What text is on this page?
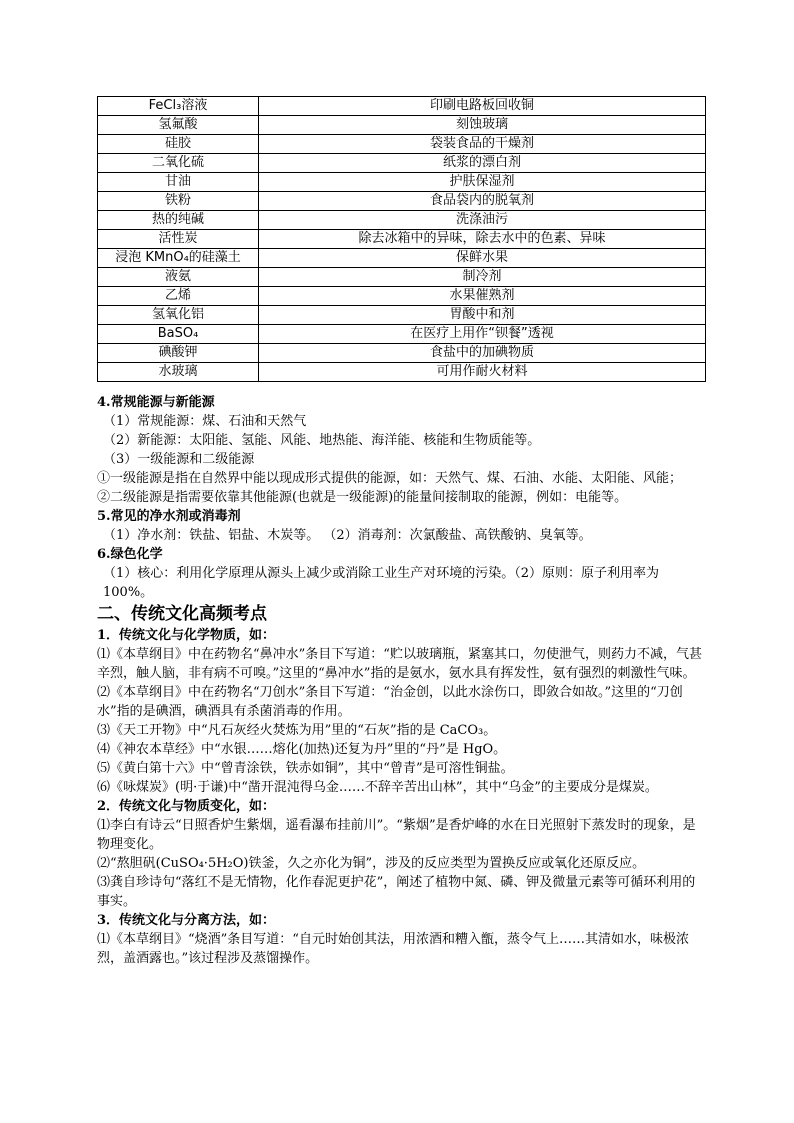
FeCl₃溶液	印刷电路板回收铜
氢氟酸	刻蚀玻璃
硅胶	袋装食品的干燥剂
二氧化硫	纸浆的漂白剂
甘油	护肤保湿剂
铁粉	食品袋内的脱氧剂
热的纯碱	洗涤油污
活性炭	除去冰箱中的异味，除去水中的色素、异味
浸泡 KMnO₄的硅藻土	保鲜水果
液氨	制冷剂
乙烯	水果催熟剂
氢氧化铝	胃酸中和剂
BaSO₄	在医疗上用作“钡餐”透视
碘酸钾	食盐中的加碘物质
水玻璃	可用作耐火材料

4.常规能源与新能源

（1）常规能源：煤、石油和天然气

（2）新能源：太阳能、氢能、风能、地热能、海洋能、核能和生物质能等。

（3）一级能源和二级能源

①一级能源是指在自然界中能以现成形式提供的能源，如：天然气、煤、石油、水能、太阳能、风能；

②二级能源是指需要依靠其他能源(也就是一级能源)的能量间接制取的能源，例如：电能等。

5.常见的净水剂或消毒剂

（1）净水剂：铁盐、铝盐、木炭等。 （2）消毒剂：次氯酸盐、高铁酸钠、臭氧等。

6.绿色化学

（1）核心：利用化学原理从源头上减少或消除工业生产对环境的污染。（2）原则：原子利用率为 100%。

二、传统文化高频考点

1．传统文化与化学物质，如：

⑴《本草纲目》中在药物名“鼻冲水”条目下写道：“贮以玻璃瓶，紧塞其口，勿使泄气，则药力不减，气甚辛烈，触人脑，非有病不可嗅。”这里的“鼻冲水”指的是氨水，氨水具有挥发性，氨有强烈的刺激性气味。

⑵《本草纲目》中在药物名“刀创水”条目下写道：“治金创，以此水涂伤口，即敛合如故。”这里的“刀创水”指的是碘酒，碘酒具有杀菌消毒的作用。

⑶《天工开物》中“凡石灰经火焚炼为用”里的“石灰”指的是 CaCO₃。

⑷《神农本草经》中“水银……熔化(加热)还复为丹”里的“丹”是 HgO。

⑸《黄白第十六》中“曾青涂铁，铁赤如铜”，其中“曾青”是可溶性铜盐。

⑹《咏煤炭》(明·于谦)中“凿开混沌得乌金……不辞辛苦出山林”，其中“乌金”的主要成分是煤炭。

2．传统文化与物质变化，如：

⑴李白有诗云“日照香炉生紫烟，遥看瀑布挂前川”。“紫烟”是香炉峰的水在日光照射下蒸发时的现象，是物理变化。

⑵“熬胆矾(CuSO₄·5H₂O)铁釜，久之亦化为铜”，涉及的反应类型为置换反应或氧化还原反应。

⑶龚自珍诗句“落红不是无情物，化作春泥更护花”，阐述了植物中氮、磷、钾及微量元素等可循环利用的事实。

3．传统文化与分离方法，如：

⑴《本草纲目》“烧酒”条目写道：“自元时始创其法，用浓酒和糟入甑，蒸令气上……其清如水，味极浓烈，盖酒露也。”该过程涉及蒸馏操作。
